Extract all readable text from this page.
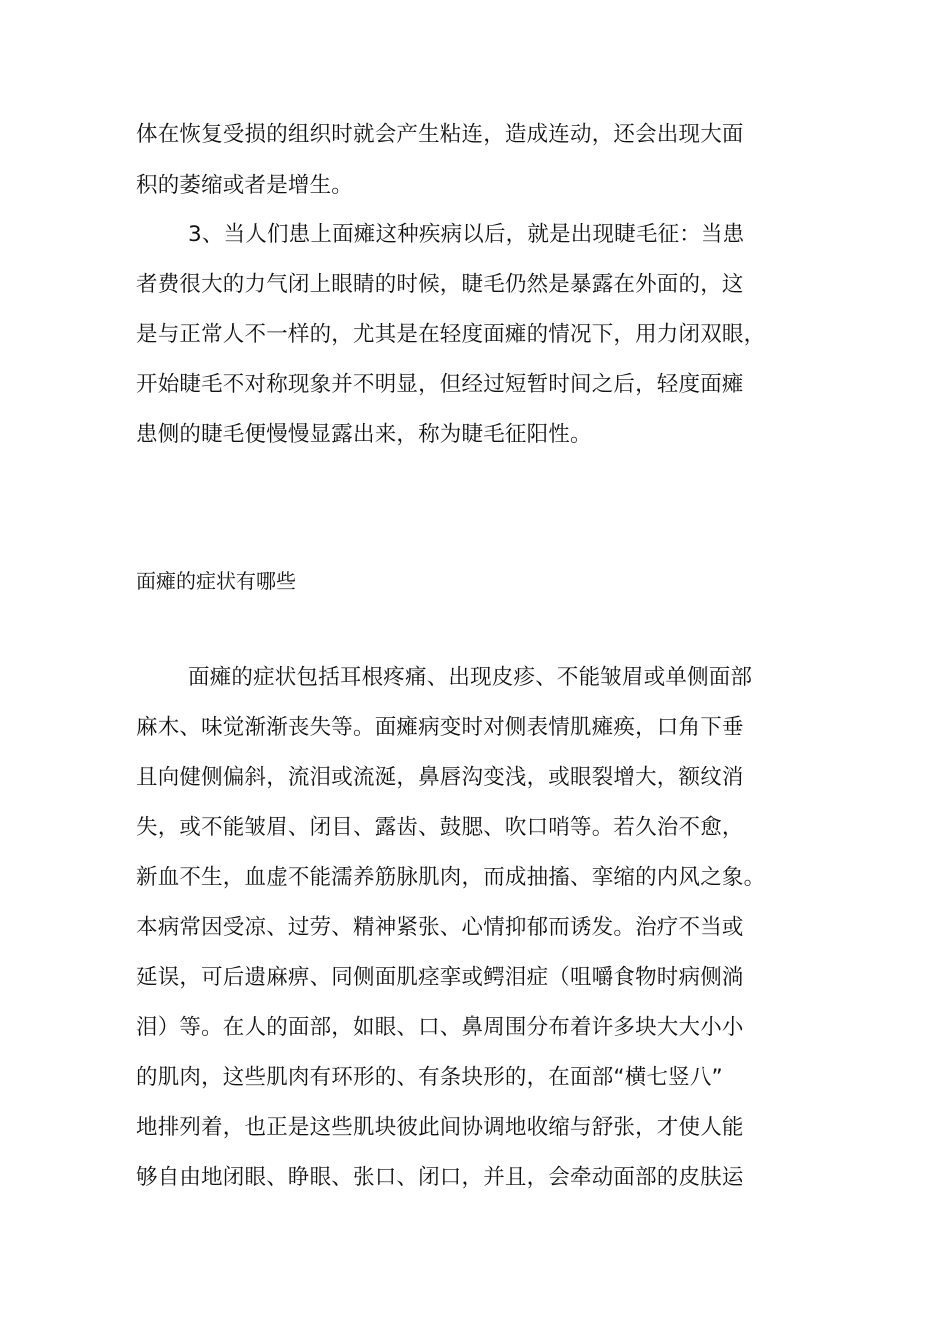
体在恢复受损的组织时就会产生粘连，造成连动，还会出现大面
积的萎缩或者是增生。
3、当人们患上面瘫这种疾病以后，就是出现睫毛征：当患
者费很大的力气闭上眼睛的时候，睫毛仍然是暴露在外面的，这
是与正常人不一样的，尤其是在轻度面瘫的情况下，用力闭双眼，
开始睫毛不对称现象并不明显，但经过短暂时间之后，轻度面瘫
患侧的睫毛便慢慢显露出来，称为睫毛征阳性。
面瘫的症状有哪些
面瘫的症状包括耳根疼痛、出现皮疹、不能皱眉或单侧面部
麻木、味觉渐渐丧失等。面瘫病变时对侧表情肌瘫痪，口角下垂
且向健侧偏斜，流泪或流涎，鼻唇沟变浅，或眼裂增大，额纹消
失，或不能皱眉、闭目、露齿、鼓腮、吹口哨等。若久治不愈，
新血不生，血虚不能濡养筋脉肌肉，而成抽搐、挛缩的内风之象。
本病常因受凉、过劳、精神紧张、心情抑郁而诱发。治疗不当或
延误，可后遗麻痹、同侧面肌痉挛或鳄泪症（咀嚼食物时病侧淌
泪）等。在人的面部，如眼、口、鼻周围分布着许多块大大小小
的肌肉，这些肌肉有环形的、有条块形的，在面部“横七竖八”
地排列着，也正是这些肌块彼此间协调地收缩与舒张，才使人能
够自由地闭眼、睁眼、张口、闭口，并且，会牵动面部的皮肤运
